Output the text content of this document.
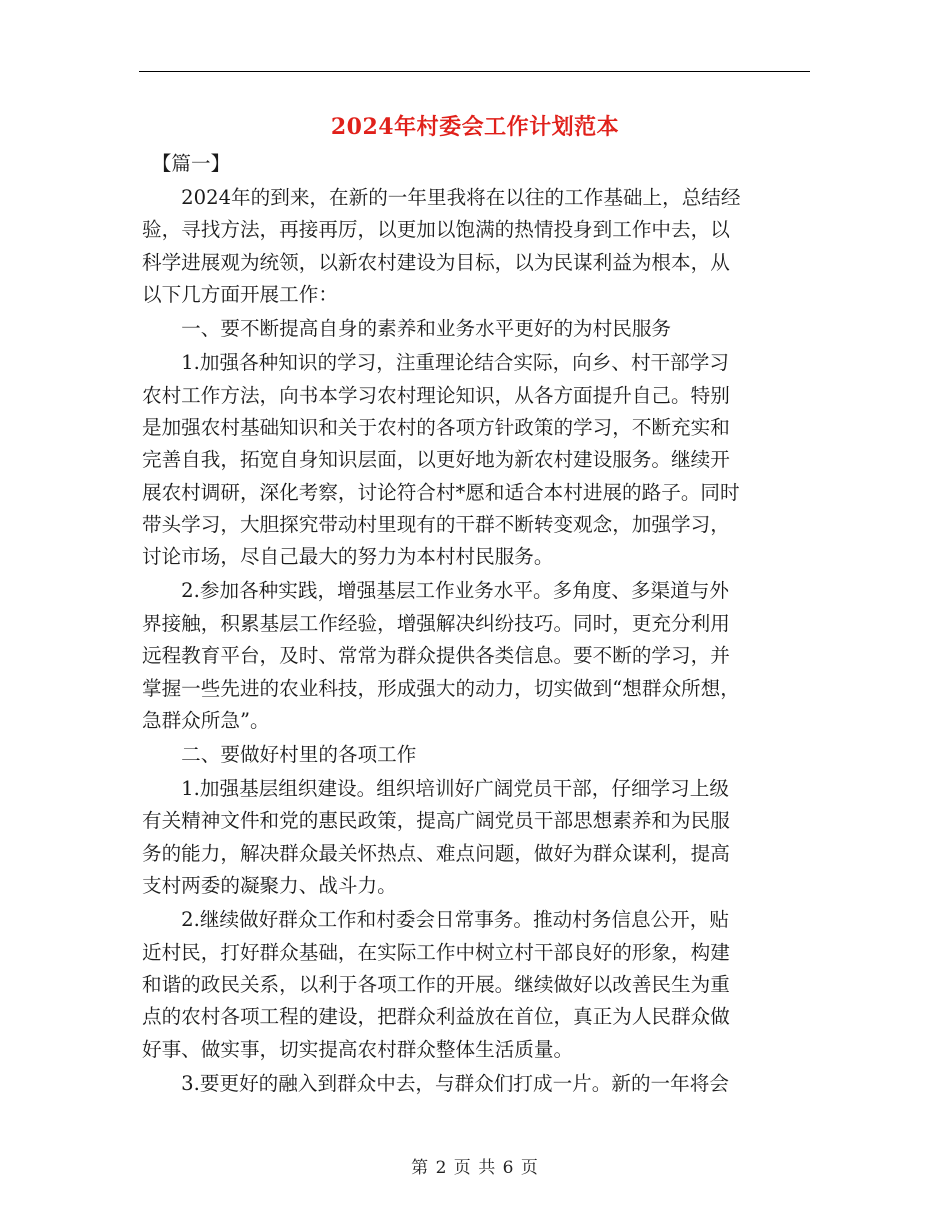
2024年村委会工作计划范本
　【篇一】
　　2024年的到来，在新的一年里我将在以往的工作基础上，总结经
验，寻找方法，再接再厉，以更加以饱满的热情投身到工作中去，以
科学进展观为统领，以新农村建设为目标，以为民谋利益为根本，从
以下几方面开展工作：
　　一、要不断提高自身的素养和业务水平更好的为村民服务
　　1.加强各种知识的学习，注重理论结合实际，向乡、村干部学习
农村工作方法，向书本学习农村理论知识，从各方面提升自己。特别
是加强农村基础知识和关于农村的各项方针政策的学习，不断充实和
完善自我，拓宽自身知识层面，以更好地为新农村建设服务。继续开
展农村调研，深化考察，讨论符合村*愿和适合本村进展的路子。同时
带头学习，大胆探究带动村里现有的干群不断转变观念，加强学习，
讨论市场，尽自己最大的努力为本村村民服务。
　　2.参加各种实践，增强基层工作业务水平。多角度、多渠道与外
界接触，积累基层工作经验，增强解决纠纷技巧。同时，更充分利用
远程教育平台，及时、常常为群众提供各类信息。要不断的学习，并
掌握一些先进的农业科技，形成强大的动力，切实做到“想群众所想，
急群众所急”。
　　二、要做好村里的各项工作
　　1.加强基层组织建设。组织培训好广阔党员干部，仔细学习上级
有关精神文件和党的惠民政策，提高广阔党员干部思想素养和为民服
务的能力，解决群众最关怀热点、难点问题，做好为群众谋利，提高
支村两委的凝聚力、战斗力。
　　2.继续做好群众工作和村委会日常事务。推动村务信息公开，贴
近村民，打好群众基础，在实际工作中树立村干部良好的形象，构建
和谐的政民关系，以利于各项工作的开展。继续做好以改善民生为重
点的农村各项工程的建设，把群众利益放在首位，真正为人民群众做
好事、做实事，切实提高农村群众整体生活质量。
　　3.要更好的融入到群众中去，与群众们打成一片。新的一年将会
第 2 页 共 6 页
